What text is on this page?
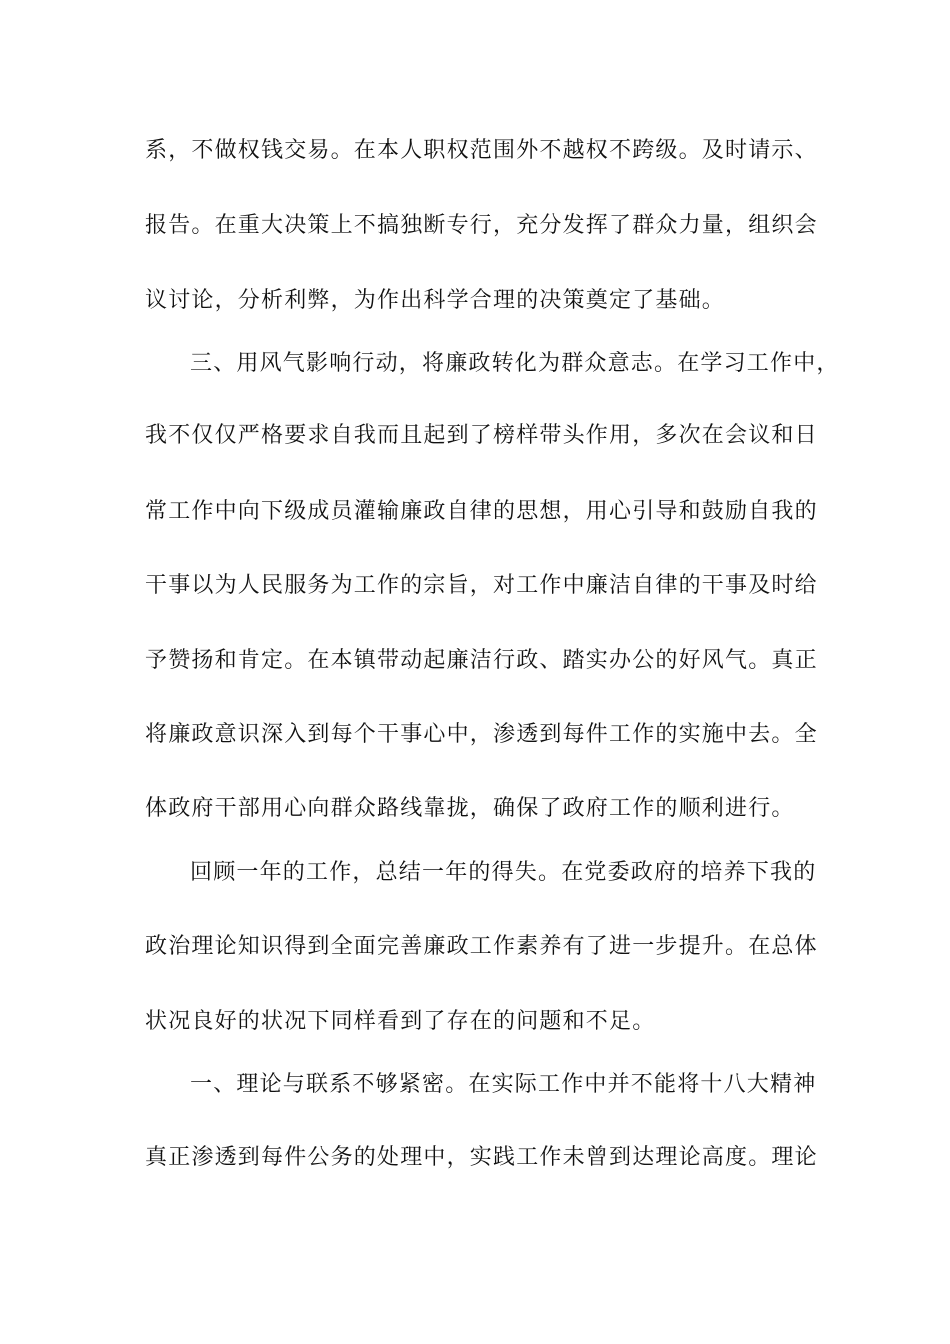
系，不做权钱交易。在本人职权范围外不越权不跨级。及时请示、
报告。在重大决策上不搞独断专行，充分发挥了群众力量，组织会
议讨论，分析利弊，为作出科学合理的决策奠定了基础。
三、用风气影响行动，将廉政转化为群众意志。在学习工作中，
我不仅仅严格要求自我而且起到了榜样带头作用，多次在会议和日
常工作中向下级成员灌输廉政自律的思想，用心引导和鼓励自我的
干事以为人民服务为工作的宗旨，对工作中廉洁自律的干事及时给
予赞扬和肯定。在本镇带动起廉洁行政、踏实办公的好风气。真正
将廉政意识深入到每个干事心中，渗透到每件工作的实施中去。全
体政府干部用心向群众路线靠拢，确保了政府工作的顺利进行。
回顾一年的工作，总结一年的得失。在党委政府的培养下我的
政治理论知识得到全面完善廉政工作素养有了进一步提升。在总体
状况良好的状况下同样看到了存在的问题和不足。
一、理论与联系不够紧密。在实际工作中并不能将十八大精神
真正渗透到每件公务的处理中，实践工作未曾到达理论高度。理论
